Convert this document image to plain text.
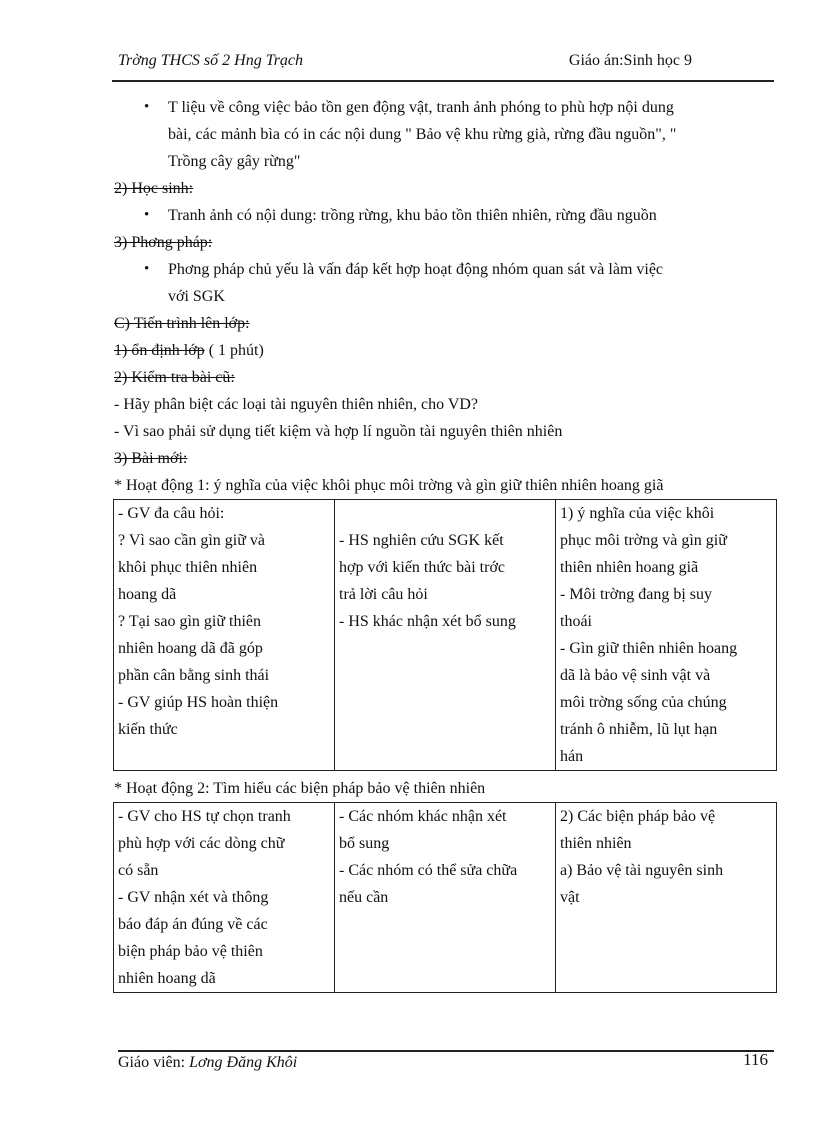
Trờng THCS số 2 Hng Trạch	Giáo án:Sinh học 9
• T liệu về công việc bảo tồn gen động vật, tranh ảnh phóng to phù hợp nội dung
bài, các mảnh bìa có in các nội dung " Bảo vệ khu rừng già, rừng đầu nguồn", "
Trồng cây gây rừng"
2) Học sinh:
• Tranh ảnh có nội dung: trồng rừng, khu bảo tồn thiên nhiên, rừng đầu nguồn
3) Phơng pháp:
• Phơng pháp chủ yếu là vấn đáp kết hợp hoạt động nhóm quan sát và làm việc
với SGK
C) Tiến trình lên lớp:
1) ổn định lớp ( 1 phút)
2) Kiểm tra bài cũ:
- Hãy phân biệt các loại tài nguyên thiên nhiên, cho VD?
- Vì sao phải sử dụng tiết kiệm và hợp lí nguồn tài nguyên thiên nhiên
3) Bài mới:
* Hoạt động 1: ý nghĩa của việc khôi phục môi trờng và gìn giữ thiên nhiên hoang giã
- GV đa câu hỏi:
? Vì sao cần gìn giữ và
khôi phục thiên nhiên
hoang dã
? Tại sao gìn giữ thiên
nhiên hoang dã đã góp
phần cân bằng sinh thái
- GV giúp HS hoàn thiện
kiến thức

- HS nghiên cứu SGK kết
hợp với kiến thức bài trớc
trả lời câu hỏi
- HS khác nhận xét bổ sung

1) ý nghĩa của việc khôi
phục môi trờng và gìn giữ
thiên nhiên hoang giã
- Môi trờng đang bị suy
thoái
- Gìn giữ thiên nhiên hoang
dã là bảo vệ sinh vật và
môi trờng sống của chúng
tránh ô nhiễm, lũ lụt hạn
hán
* Hoạt động 2: Tìm hiểu các biện pháp bảo vệ thiên nhiên
- GV cho HS tự chọn tranh
phù hợp với các dòng chữ
có sẵn
- GV nhận xét và thông
báo đáp án đúng về các
biện pháp bảo vệ thiên
nhiên hoang dã

- Các nhóm khác nhận xét
bổ sung
- Các nhóm có thể sửa chữa
nếu cần

2) Các biện pháp bảo vệ
thiên nhiên
a) Bảo vệ tài nguyên sinh
vật
Giáo viên: Lơng Đăng Khôi	116
